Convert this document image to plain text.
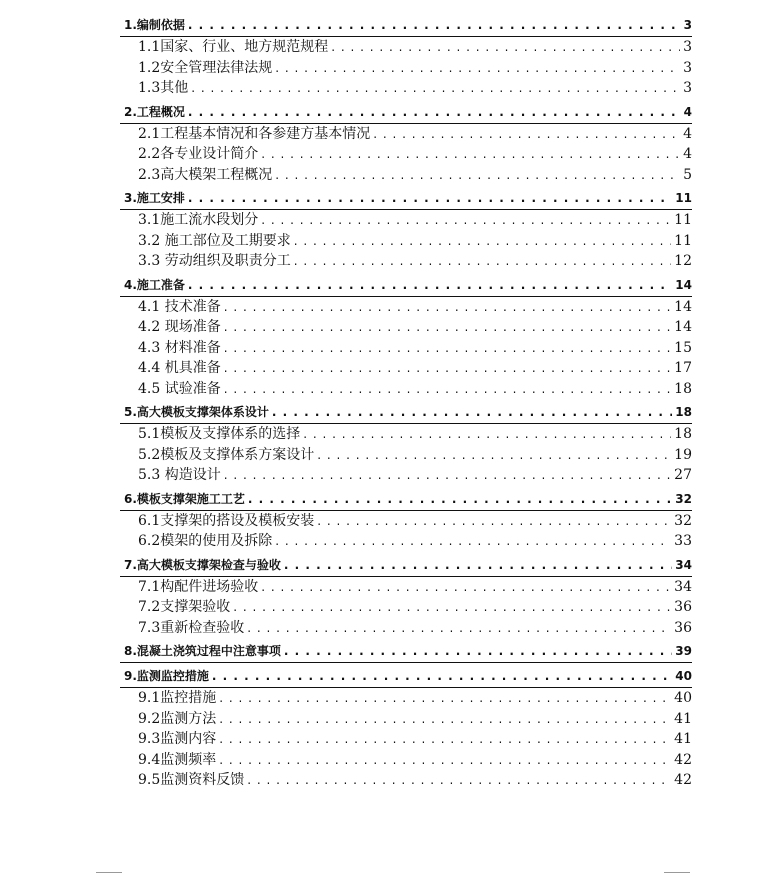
1.编制依据 . . .	3
1.1国家、行业、地方规范规程 . . .	3
1.2安全管理法律法规 . . .	3
1.3其他 . . .	3
2.工程概况 . . .	4
2.1工程基本情况和各参建方基本情况 . . .	4
2.2各专业设计简介 . . .	4
2.3高大模架工程概况 . . .	5
3.施工安排 . . .	11
3.1施工流水段划分 . . .	11
3.2 施工部位及工期要求 . . .	11
3.3 劳动组织及职责分工 . . .	12
4.施工准备 . . .	14
4.1 技术准备 . . .	14
4.2 现场准备 . . .	14
4.3 材料准备 . . .	15
4.4 机具准备 . . .	17
4.5 试验准备 . . .	18
5.高大模板支撑架体系设计 . . .	18
5.1模板及支撑体系的选择 . . .	18
5.2模板及支撑体系方案设计 . . .	19
5.3 构造设计 . . .	27
6.模板支撑架施工工艺 . . .	32
6.1支撑架的搭设及模板安装 . . .	32
6.2模架的使用及拆除 . . .	33
7.高大模板支撑架检查与验收 . . .	34
7.1构配件进场验收 . . .	34
7.2支撑架验收 . . .	36
7.3重新检查验收 . . .	36
8.混凝土浇筑过程中注意事项 . . .	39
9.监测监控措施 . . .	40
9.1监控措施 . . .	40
9.2监测方法 . . .	41
9.3监测内容 . . .	41
9.4监测频率 . . .	42
9.5监测资料反馈 . . .	42
